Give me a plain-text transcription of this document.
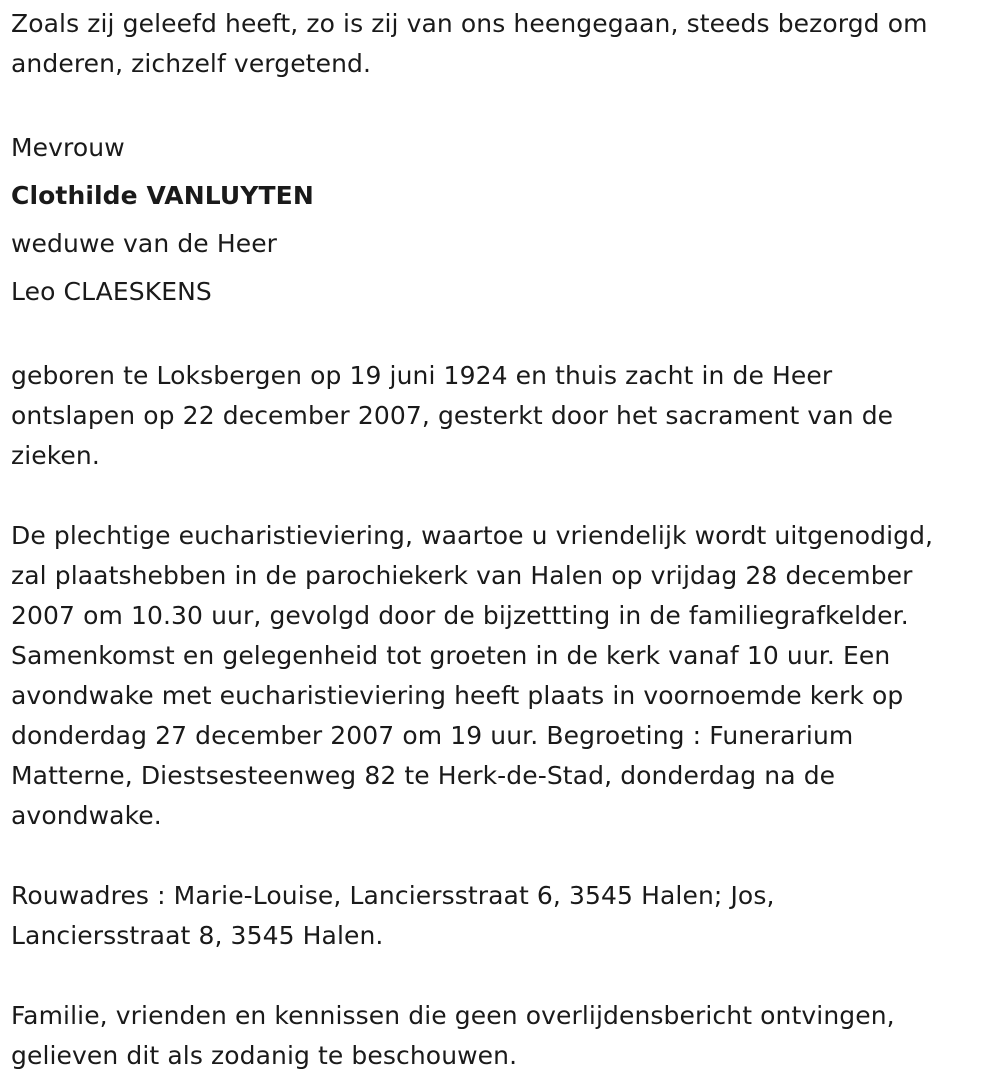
Zoals zij geleefd heeft, zo is zij van ons heengegaan, steeds bezorgd om
anderen, zichzelf vergetend.
Mevrouw
Clothilde VANLUYTEN
weduwe van de Heer
Leo CLAESKENS
geboren te Loksbergen op 19 juni 1924 en thuis zacht in de Heer
ontslapen op 22 december 2007, gesterkt door het sacrament van de
zieken.
De plechtige eucharistieviering, waartoe u vriendelijk wordt uitgenodigd,
zal plaatshebben in de parochiekerk van Halen op vrijdag 28 december
2007 om 10.30 uur, gevolgd door de bijzettting in de familiegrafkelder.
Samenkomst en gelegenheid tot groeten in de kerk vanaf 10 uur. Een
avondwake met eucharistieviering heeft plaats in voornoemde kerk op
donderdag 27 december 2007 om 19 uur. Begroeting : Funerarium
Matterne, Diestsesteenweg 82 te Herk-de-Stad, donderdag na de
avondwake.
Rouwadres : Marie-Louise, Lanciersstraat 6, 3545 Halen; Jos,
Lanciersstraat 8, 3545 Halen.
Familie, vrienden en kennissen die geen overlijdensbericht ontvingen,
gelieven dit als zodanig te beschouwen.
